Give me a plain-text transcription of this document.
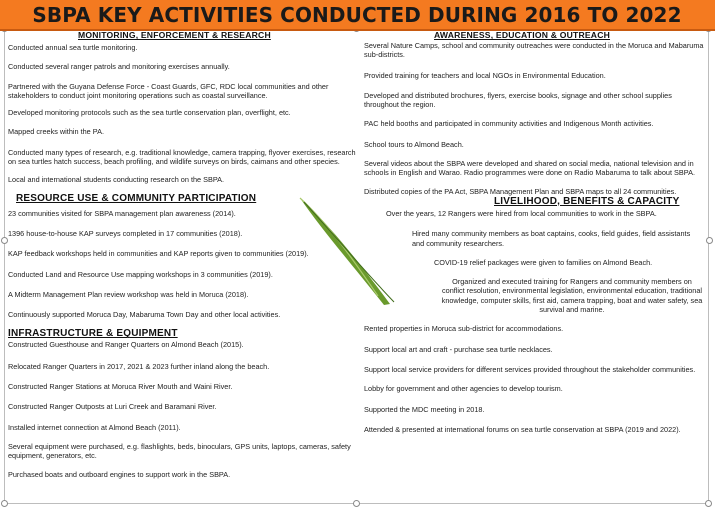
SBPA KEY ACTIVITIES CONDUCTED DURING 2016 TO 2022
MONITORING, ENFORCEMENT & RESEARCH

Conducted annual sea turtle monitoring.

Conducted several ranger patrols and monitoring exercises annually.

Partnered with the Guyana Defense Force - Coast Guards, GFC, RDC local communities and other stakeholders to conduct joint monitoring operations such as coastal surveillance.

Developed monitoring protocols such as the sea turtle conservation plan, overflight, etc.

Mapped creeks within the PA.

Conducted many types of research, e.g. traditional knowledge, camera trapping, flyover exercises, research on sea turtles hatch success, beach profiling, and wildlife surveys on birds, caimans and other species.

Local and international students conducting research on the SBPA.

RESOURCE USE & COMMUNITY PARTICIPATION

23 communities visited for SBPA management plan awareness (2014).

1396 house-to-house KAP surveys completed in 17 communities (2018).

KAP feedback workshops held in communities and KAP reports given to communities (2019).

Conducted Land and Resource Use mapping workshops in 3 communities (2019).

A Midterm Management Plan review workshop was held in Moruca (2018).

Continuously supported Moruca Day, Mabaruma Town Day and other local activities.

INFRASTRUCTURE & EQUIPMENT

Constructed Guesthouse and Ranger Quarters on Almond Beach (2015).

Relocated Ranger Quarters in 2017, 2021 & 2023 further inland along the beach.

Constructed Ranger Stations at Moruca River Mouth and Waini River.

Constructed Ranger Outposts at Luri Creek and Baramani River.

Installed internet connection at Almond Beach (2011).

Several equipment were purchased, e.g. flashlights, beds, binoculars, GPS units, laptops, cameras, safety equipment, generators, etc.

Purchased boats and outboard engines to support work in the SBPA.

AWARENESS, EDUCATION & OUTREACH

Several Nature Camps, school and community outreaches were conducted in the Moruca and Mabaruma sub-districts.

Provided training for teachers and local NGOs in Environmental Education.

Developed and distributed brochures, flyers, exercise books, signage and other school supplies throughout the region.

PAC held booths and participated in community activities and Indigenous Month activities.

School tours to Almond Beach.

Several videos about the SBPA were developed and shared on social media, national television and in schools in English and Warao. Radio programmes were done on Radio Mabaruma to talk about SBPA.

Distributed copies of the PA Act, SBPA Management Plan and SBPA maps to all 24 communities.

LIVELIHOOD, BENEFITS & CAPACITY

Over the years, 12 Rangers were hired from local communities to work in the SBPA.

Hired many community members as boat captains, cooks, field guides, field assistants and community researchers.

COVID-19 relief packages were given to families on Almond Beach.

Organized and executed training for Rangers and community members on conflict resolution, environmental legislation, environmental education, traditional knowledge, computer skills, first aid, camera trapping, boat and water safety, sea survival and marine.

Rented properties in Moruca sub-district for accommodations.

Support local art and craft - purchase sea turtle necklaces.

Support local service providers for different services provided throughout the stakeholder communities.

Lobby for government and other agencies to develop tourism.

Supported the MDC meeting in 2018.

Attended & presented at international forums on sea turtle conservation at SBPA (2019 and 2022).
